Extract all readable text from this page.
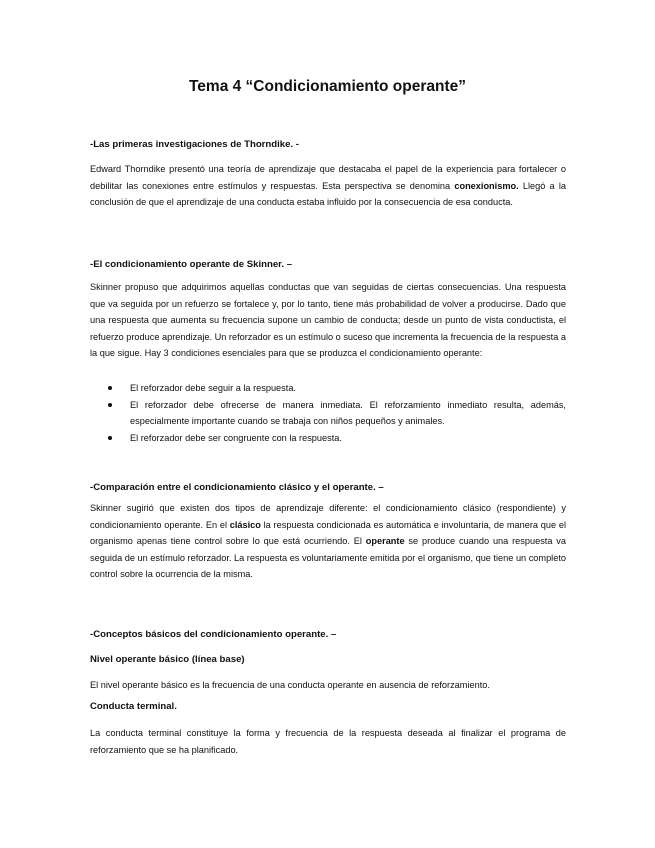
Tema 4 “Condicionamiento operante”
-Las primeras investigaciones de Thorndike. -

Edward Thorndike presentó una teoría de aprendizaje que destacaba el papel de la experiencia para fortalecer o debilitar las conexiones entre estímulos y respuestas. Esta perspectiva se denomina conexionismo. Llegó a la conclusión de que el aprendizaje de una conducta estaba influido por la consecuencia de esa conducta.

-El condicionamiento operante de Skinner. –

Skinner propuso que adquirimos aquellas conductas que van seguidas de ciertas consecuencias. Una respuesta que va seguida por un refuerzo se fortalece y, por lo tanto, tiene más probabilidad de volver a producirse. Dado que una respuesta que aumenta su frecuencia supone un cambio de conducta; desde un punto de vista conductista, el refuerzo produce aprendizaje. Un reforzador es un estímulo o suceso que incrementa la frecuencia de la respuesta a la que sigue. Hay 3 condiciones esenciales para que se produzca el condicionamiento operante:

El reforzador debe seguir a la respuesta.
El reforzador debe ofrecerse de manera inmediata. El reforzamiento inmediato resulta, además, especialmente importante cuando se trabaja con niños pequeños y animales.
El reforzador debe ser congruente con la respuesta.
-Comparación entre el condicionamiento clásico y el operante. –

Skinner sugirió que existen dos tipos de aprendizaje diferente: el condicionamiento clásico (respondiente) y condicionamiento operante. En el clásico la respuesta condicionada es automática e involuntaria, de manera que el organismo apenas tiene control sobre lo que está ocurriendo. El operante se produce cuando una respuesta va seguida de un estímulo reforzador. La respuesta es voluntariamente emitida por el organismo, que tiene un completo control sobre la ocurrencia de la misma.

-Conceptos básicos del condicionamiento operante. –
Nivel operante básico (línea base)

El nivel operante básico es la frecuencia de una conducta operante en ausencia de reforzamiento.

Conducta terminal.

La conducta terminal constituye la forma y frecuencia de la respuesta deseada al finalizar el programa de reforzamiento que se ha planificado.
